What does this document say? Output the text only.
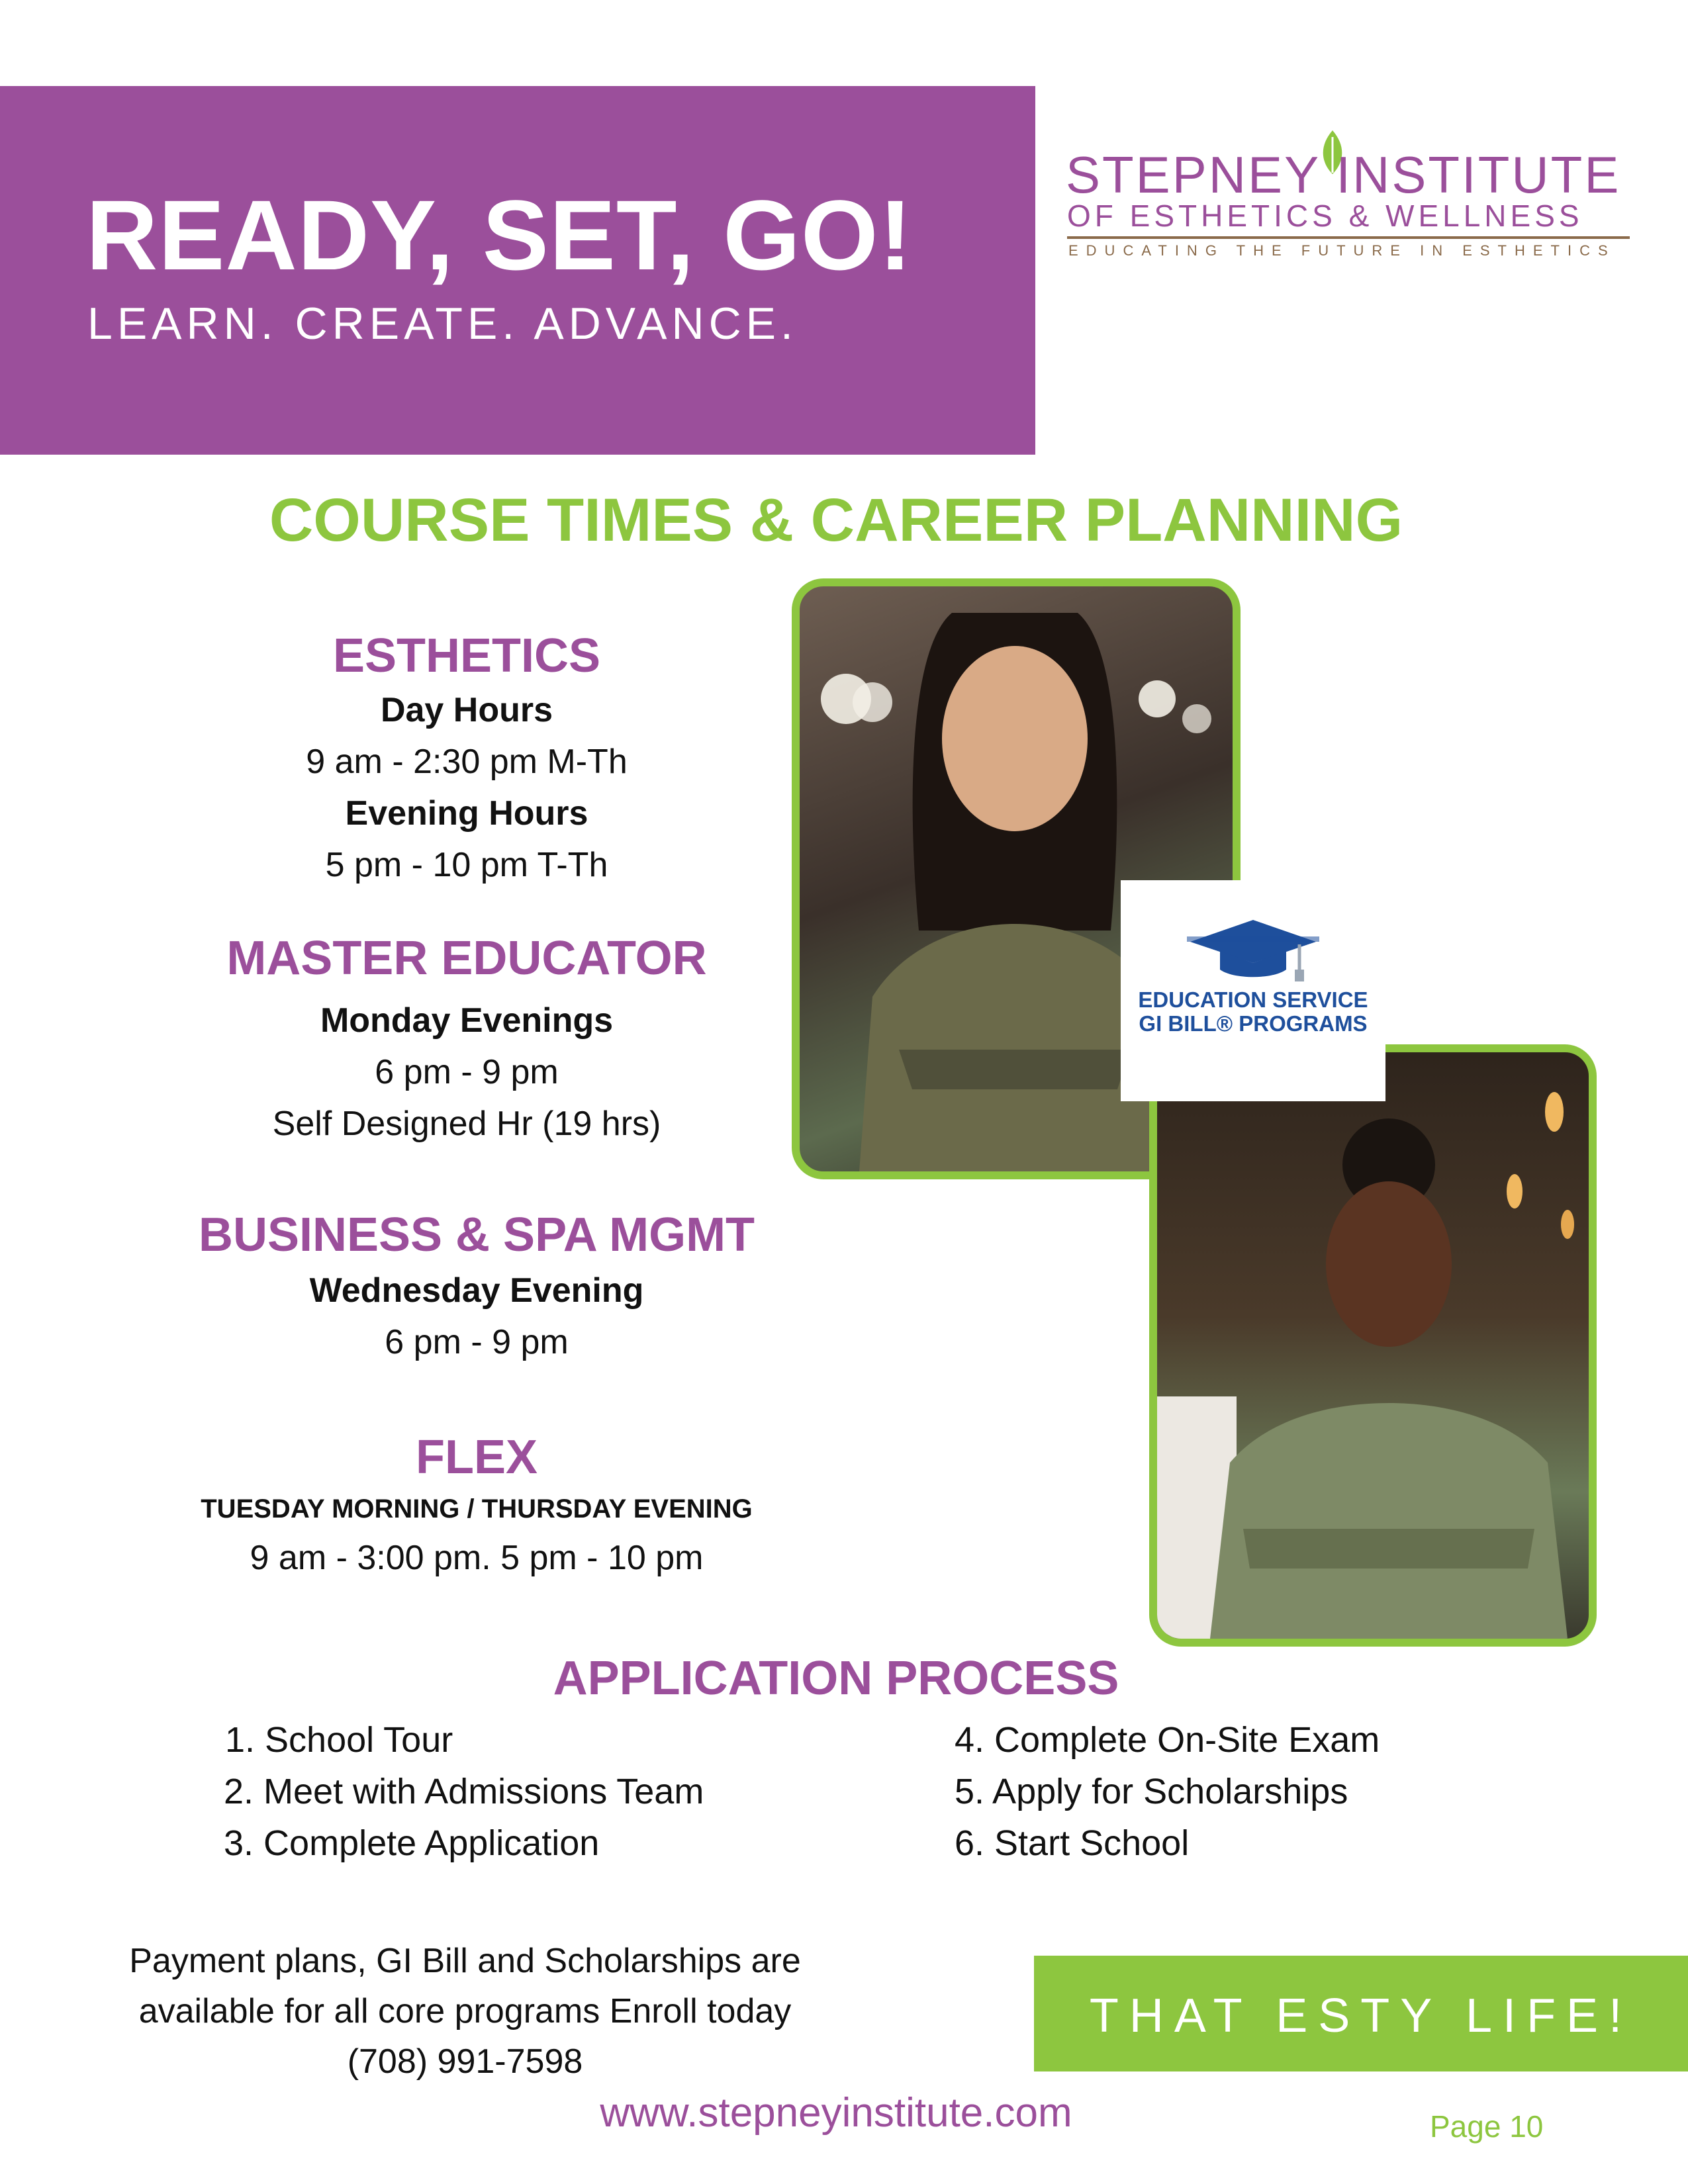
READY, SET, GO!
LEARN. CREATE. ADVANCE.
STEPNEY INSTITUTE
OF ESTHETICS & WELLNESS
EDUCATING THE FUTURE IN ESTHETICS
COURSE TIMES & CAREER PLANNING
ESTHETICS
Day Hours
9 am - 2:30 pm M-Th
Evening Hours
5 pm - 10 pm T-Th
MASTER EDUCATOR
Monday Evenings
6 pm - 9 pm
Self Designed Hr (19 hrs)
BUSINESS & SPA MGMT
Wednesday Evening
6 pm - 9 pm
FLEX
TUESDAY MORNING / THURSDAY EVENING
9 am - 3:00 pm. 5 pm - 10 pm
EDUCATION SERVICE
GI BILL® PROGRAMS
APPLICATION PROCESS
1. School Tour
2. Meet with Admissions Team
3. Complete Application
4. Complete On-Site Exam
5. Apply for Scholarships
6. Start School
Payment plans, GI Bill and Scholarships are
available for all core programs Enroll today
(708) 991-7598
THAT ESTY LIFE!
www.stepneyinstitute.com	Page 10
